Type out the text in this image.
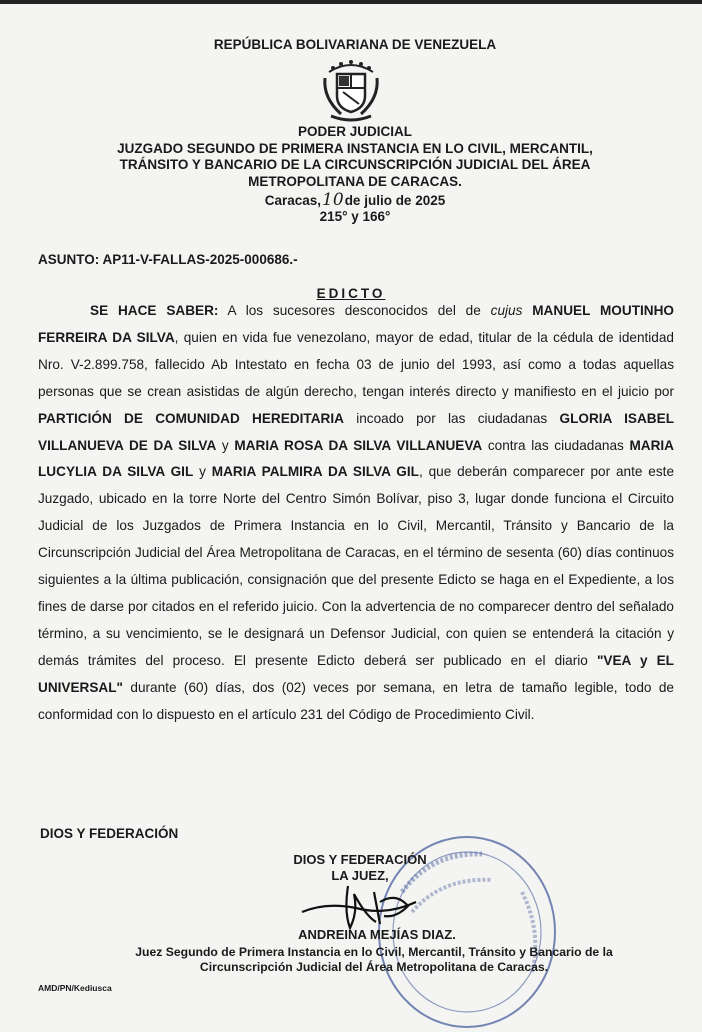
REPÚBLICA BOLIVARIANA DE VENEZUELA
PODER JUDICIAL
JUZGADO SEGUNDO DE PRIMERA INSTANCIA EN LO CIVIL, MERCANTIL,
TRÁNSITO Y BANCARIO DE LA CIRCUNSCRIPCIÓN JUDICIAL DEL ÁREA
METROPOLITANA DE CARACAS.
Caracas,10de julio de 2025
215° y 166°
ASUNTO: AP11-V-FALLAS-2025-000686.-
EDICTO
SE HACE SABER: A los sucesores desconocidos del de cujus MANUEL MOUTINHO FERREIRA DA SILVA, quien en vida fue venezolano, mayor de edad, titular de la cédula de identidad Nro. V-2.899.758, fallecido Ab Intestato en fecha 03 de junio del 1993, así como a todas aquellas personas que se crean asistidas de algún derecho, tengan interés directo y manifiesto en el juicio por PARTICIÓN DE COMUNIDAD HEREDITARIA incoado por las ciudadanas GLORIA ISABEL VILLANUEVA DE DA SILVA y MARIA ROSA DA SILVA VILLANUEVA contra las ciudadanas MARIA LUCYLIA DA SILVA GIL y MARIA PALMIRA DA SILVA GIL, que deberán comparecer por ante este Juzgado, ubicado en la torre Norte del Centro Simón Bolívar, piso 3, lugar donde funciona el Circuito Judicial de los Juzgados de Primera Instancia en lo Civil, Mercantil, Tránsito y Bancario de la Circunscripción Judicial del Área Metropolitana de Caracas, en el término de sesenta (60) días continuos siguientes a la última publicación, consignación que del presente Edicto se haga en el Expediente, a los fines de darse por citados en el referido juicio. Con la advertencia de no comparecer dentro del señalado término, a su vencimiento, se le designará un Defensor Judicial, con quien se entenderá la citación y demás trámites del proceso. El presente Edicto deberá ser publicado en el diario "VEA y EL UNIVERSAL" durante (60) días, dos (02) veces por semana, en letra de tamaño legible, todo de conformidad con lo dispuesto en el artículo 231 del Código de Procedimiento Civil.
DIOS Y FEDERACIÓN
DIOS Y FEDERACIÓN
LA JUEZ,
ANDREINA MEJÍAS DIAZ.
Juez Segundo de Primera Instancia en lo Civil, Mercantil, Tránsito y Bancario de la
Circunscripción Judicial del Área Metropolitana de Caracas.
AMD/PN/Kediusca
